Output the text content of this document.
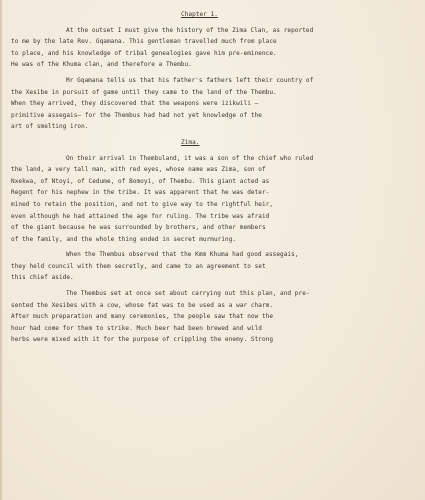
Chapter 1.
At the outset I must give the history of the Zima Clan, as reported
to me by the late Rev. Gqamana. This gentleman travelled much from place
to place, and his knowledge of tribal genealogies gave him pre-eminence.
He was of the Khuma clan, and therefore a Thembu.
Mr Gqamana tells us that his father's fathers left their country of
the Xesibe in pursuit of game until they came to the land of the Thembu.
When they arrived, they discovered that the weapons were izikwili —
primitive assegais— for the Thembus had had not yet knowledge of the
art of smelting iron.
Zima.
On their arrival in Thembuland, it was a son of the chief who ruled
the land, a very tall man, with red eyes, whose name was Zima, son of
Nxekwa, of Ntoyi, of Cedume, of Bomoyi, of Thembu. This giant acted as
Regent for his nephew in the tribe. It was apparent that he was deter-
mined to retain the position, and not to give way to the rightful heir,
even although he had attained the age for ruling. The tribe was afraid
of the giant because he was surrounded by brothers, and other members
of the family, and the whole thing ended in secret murmuring.
When the Thembus observed that the Kmm Khuma had good assegais,
they held council with them secretly, and came to an agreement to set
this chief aside.
The Thembus set at once set about carrying out this plan, and pre-
sented the Xesibes with a cow, whose fat was to be used as a war charm.
After much preparation and many ceremonies, the people saw that now the
hour had come for them to strike. Much beer had been brewed and wild
herbs were mixed with it for the purpose of crippling the enemy. Strong
